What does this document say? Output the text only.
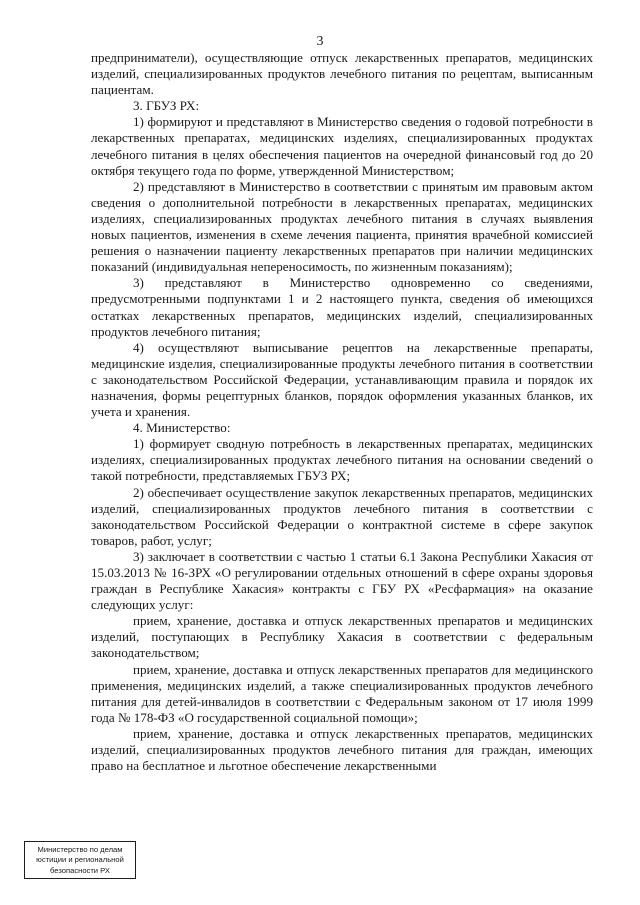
3

предприниматели), осуществляющие отпуск лекарственных препаратов, медицинских изделий, специализированных продуктов лечебного питания по рецептам, выписанным пациентам.

3. ГБУЗ РХ:

1) формируют и представляют в Министерство сведения о годовой потребности в лекарственных препаратах, медицинских изделиях, специализированных продуктах лечебного питания в целях обеспечения пациентов на очередной финансовый год до 20 октября текущего года по форме, утвержденной Министерством;

2) представляют в Министерство в соответствии с принятым им правовым актом сведения о дополнительной потребности в лекарственных препаратах, медицинских изделиях, специализированных продуктах лечебного питания в случаях выявления новых пациентов, изменения в схеме лечения пациента, принятия врачебной комиссией решения о назначении пациенту лекарственных препаратов при наличии медицинских показаний (индивидуальная непереносимость, по жизненным показаниям);

3) представляют в Министерство одновременно со сведениями, предусмотренными подпунктами 1 и 2 настоящего пункта, сведения об имеющихся остатках лекарственных препаратов, медицинских изделий, специализированных продуктов лечебного питания;

4) осуществляют выписывание рецептов на лекарственные препараты, медицинские изделия, специализированные продукты лечебного питания в соответствии с законодательством Российской Федерации, устанавливающим правила и порядок их назначения, формы рецептурных бланков, порядок оформления указанных бланков, их учета и хранения.

4. Министерство:

1) формирует сводную потребность в лекарственных препаратах, медицинских изделиях, специализированных продуктах лечебного питания на основании сведений о такой потребности, представляемых ГБУЗ РХ;

2) обеспечивает осуществление закупок лекарственных препаратов, медицинских изделий, специализированных продуктов лечебного питания в соответствии с законодательством Российской Федерации о контрактной системе в сфере закупок товаров, работ, услуг;

3) заключает в соответствии с частью 1 статьи 6.1 Закона Республики Хакасия от 15.03.2013 № 16-ЗРХ «О регулировании отдельных отношений в сфере охраны здоровья граждан в Республике Хакасия» контракты с ГБУ РХ «Ресфармация» на оказание следующих услуг:

прием, хранение, доставка и отпуск лекарственных препаратов и медицинских изделий, поступающих в Республику Хакасия в соответствии с федеральным законодательством;

прием, хранение, доставка и отпуск лекарственных препаратов для медицинского применения, медицинских изделий, а также специализированных продуктов лечебного питания для детей-инвалидов в соответствии с Федеральным законом от 17 июля 1999 года № 178-ФЗ «О государственной социальной помощи»;

прием, хранение, доставка и отпуск лекарственных препаратов, медицинских изделий, специализированных продуктов лечебного питания для граждан, имеющих право на бесплатное и льготное обеспечение лекарственными

Министерство по делам
юстиции и региональной
безопасности РХ
